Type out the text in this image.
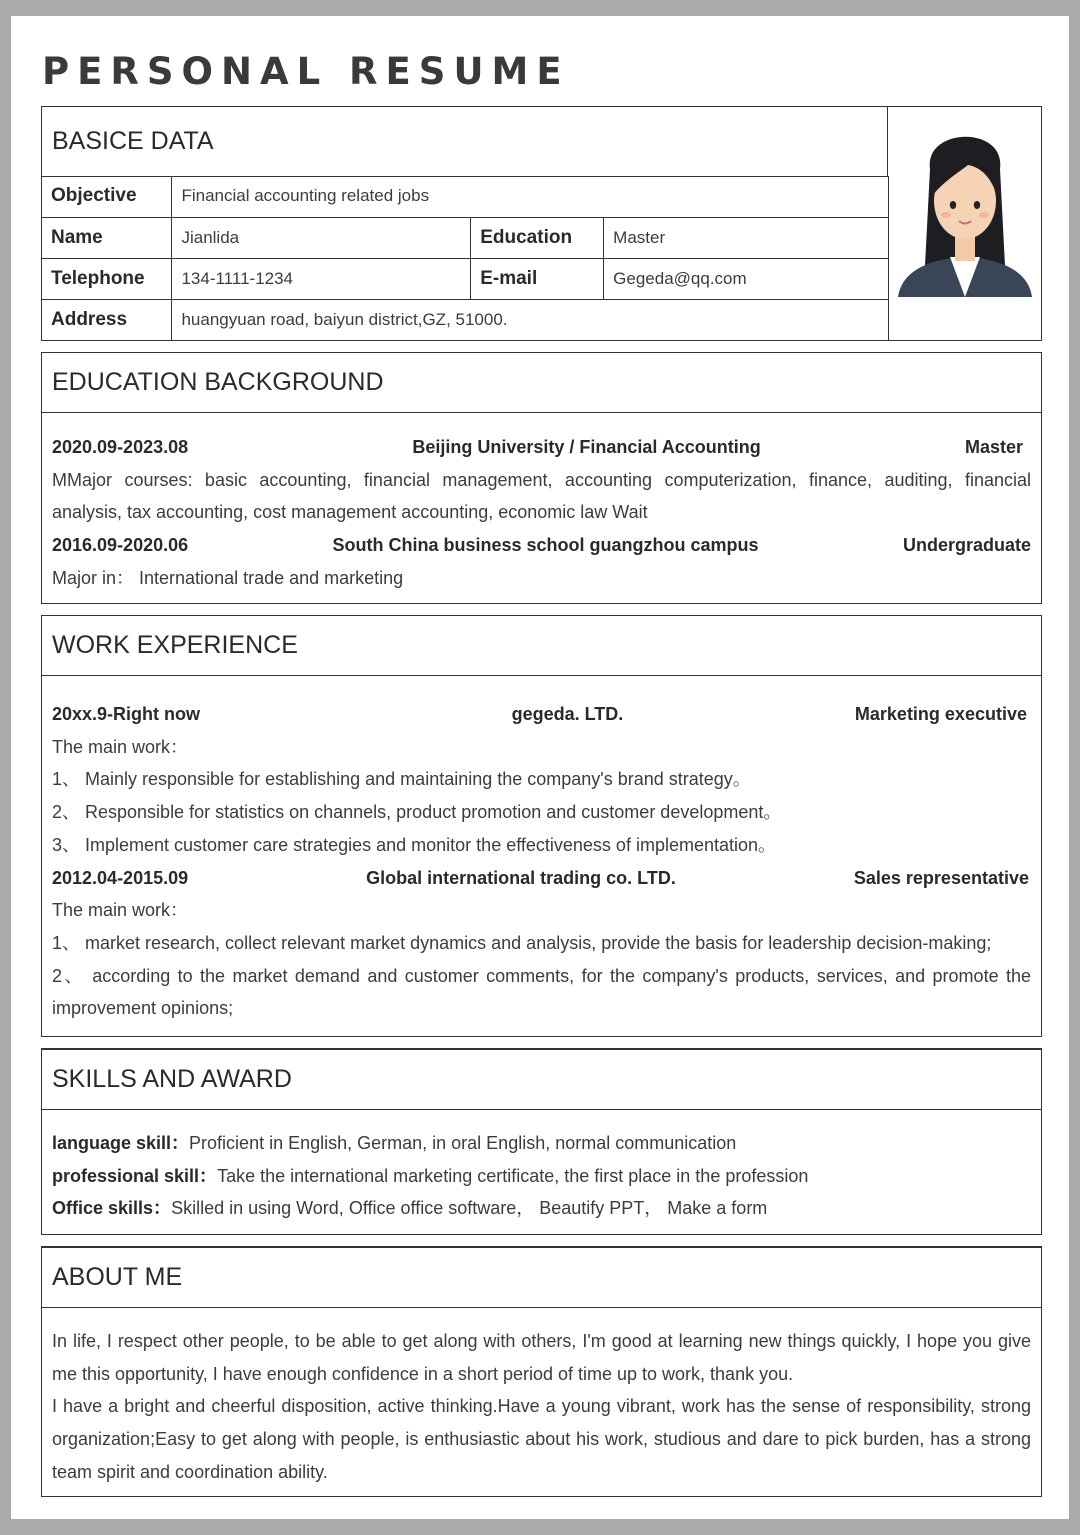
PERSONAL RESUME
BASICE DATA
Objective	Financial accounting related jobs		
Name	Jianlida	Education	Master
Telephone	134-1111-1234	E-mail	Gegeda@qq.com
Address	huangyuan road, baiyun district,GZ, 51000.		
EDUCATION BACKGROUND
2020.09-2023.08	Beijing University / Financial Accounting	Master
MMajor courses: basic accounting, financial management, accounting computerization, finance, auditing, financial analysis, tax accounting, cost management accounting, economic law Wait
2016.09-2020.06	South China business school guangzhou campus	Undergraduate
Major in： International trade and marketing
WORK EXPERIENCE
20xx.9-Right now	gegeda. LTD.	Marketing executive
The main work：
1、 Mainly responsible for establishing and maintaining the company's brand strategy。
2、 Responsible for statistics on channels, product promotion and customer development。
3、 Implement customer care strategies and monitor the effectiveness of implementation。
2012.04-2015.09	Global international trading co. LTD.	Sales representative
The main work：
1、 market research, collect relevant market dynamics and analysis, provide the basis for leadership decision-making;
2、 according to the market demand and customer comments, for the company's products, services, and promote the improvement opinions;
SKILLS AND AWARD
language skill：Proficient in English, German, in oral English, normal communication
professional skill：Take the international marketing certificate, the first place in the profession
Office skills：Skilled in using Word, Office office software， Beautify PPT， Make a form
ABOUT ME
In life, I respect other people, to be able to get along with others, I'm good at learning new things quickly, I hope you give me this opportunity, I have enough confidence in a short period of time up to work, thank you.
I have a bright and cheerful disposition, active thinking.Have a young vibrant, work has the sense of responsibility, strong organization;Easy to get along with people, is enthusiastic about his work, studious and dare to pick burden, has a strong team spirit and coordination ability.
